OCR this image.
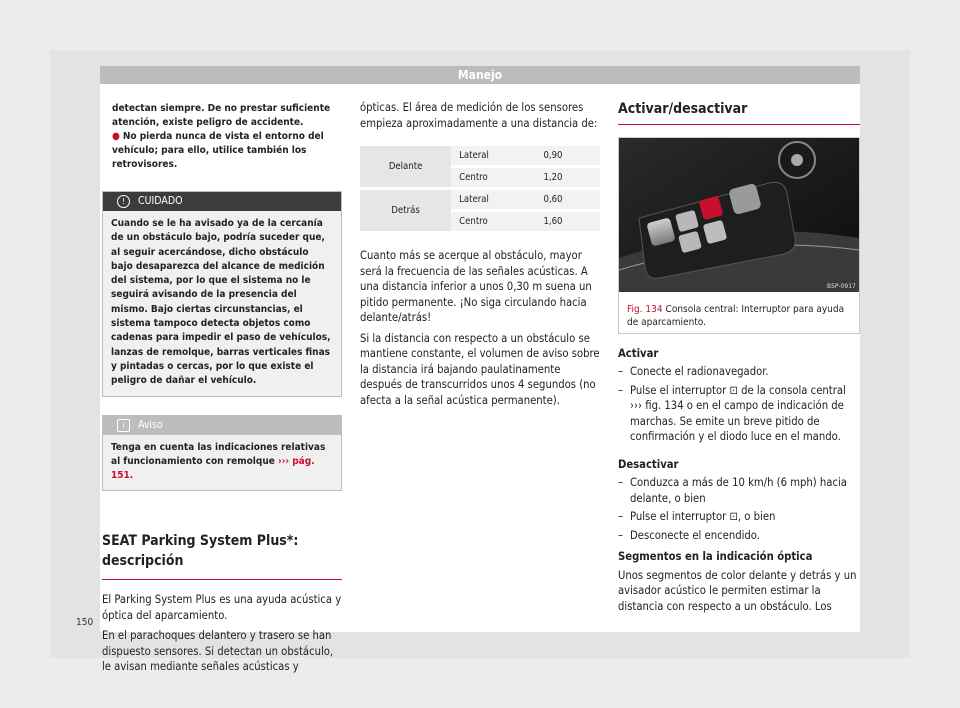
Manejo

detectan siempre. De no prestar suficiente atención, existe peligro de accidente.

● No pierda nunca de vista el entorno del vehículo; para ello, utilice también los retrovisores.

!	CUIDADO
Cuando se le ha avisado ya de la cercanía de un obstáculo bajo, podría suceder que, al seguir acercándose, dicho obstáculo bajo desaparezca del alcance de medición del sistema, por lo que el sistema no le seguirá avisando de la presencia del mismo. Bajo ciertas circunstancias, el sistema tampoco detecta objetos como cadenas para impedir el paso de vehículos, lanzas de remolque, barras verticales finas y pintadas o cercas, por lo que existe el peligro de dañar el vehículo.
i	Aviso
Tenga en cuenta las indicaciones relativas al funcionamiento con remolque ››› pág. 151.
SEAT Parking System Plus*: descripción

El Parking System Plus es una ayuda acústica y óptica del aparcamiento.

En el parachoques delantero y trasero se han dispuesto sensores. Si detectan un obstáculo, le avisan mediante señales acústicas y

ópticas. El área de medición de los sensores empieza aproximadamente a una distancia de:

Delante	Lateral	0,90
	Centro	1,20
Detrás	Lateral	0,60
	Centro	1,60

Cuanto más se acerque al obstáculo, mayor será la frecuencia de las señales acústicas. A una distancia inferior a unos 0,30 m suena un pitido permanente. ¡No siga circulando hacia delante/atrás!

Si la distancia con respecto a un obstáculo se mantiene constante, el volumen de aviso sobre la distancia irá bajando paulatinamente después de transcurridos unos 4 segundos (no afecta a la señal acústica permanente).

Activar/desactivar
B5P-0917
Fig. 134 Consola central: Interruptor para ayuda de aparcamiento.
Activar
– Conecte el radionavegador.
– Pulse el interruptor ⊡ de la consola central ››› fig. 134 o en el campo de indicación de marchas. Se emite un breve pitido de confirmación y el diodo luce en el mando.
Desactivar
– Conduzca a más de 10 km/h (6 mph) hacia delante, o bien
– Pulse el interruptor ⊡, o bien
– Desconecte el encendido.
Segmentos en la indicación óptica

Unos segmentos de color delante y detrás y un avisador acústico le permiten estimar la distancia con respecto a un obstáculo. Los

150
